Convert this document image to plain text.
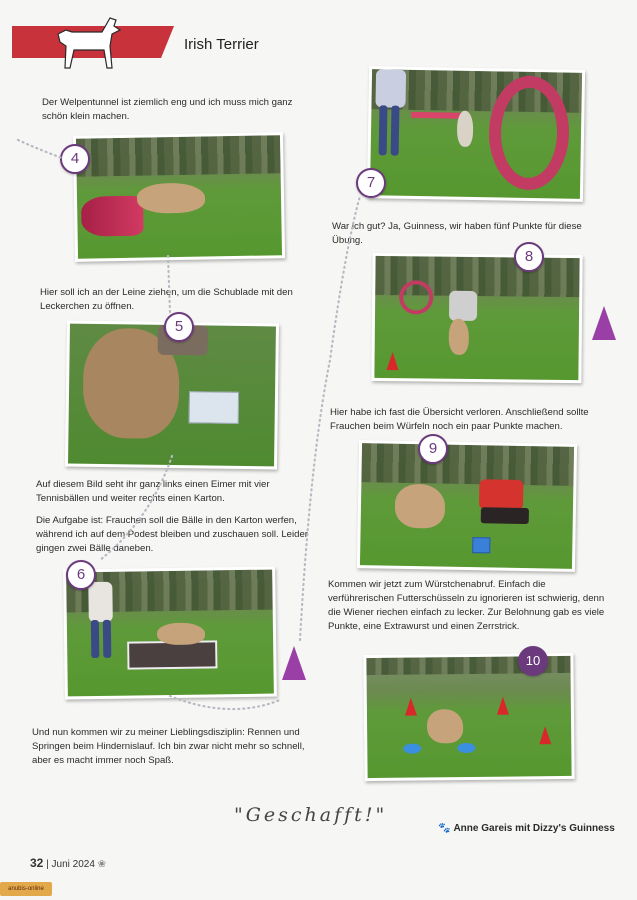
Irish Terrier
Der Welpentunnel ist ziemlich eng und ich muss mich ganz schön klein machen.
4
Hier soll ich an der Leine ziehen, um die Schublade mit den Leckerchen zu öffnen.
5
Auf diesem Bild seht ihr ganz links einen Eimer mit vier Tennisbällen und weiter rechts einen Karton.
Die Aufgabe ist: Frauchen soll die Bälle in den Karton werfen, während ich auf dem Podest bleiben und zuschauen soll. Leider gingen zwei Bälle daneben.
6
Und nun kommen wir zu meiner Lieblingsdisziplin: Rennen und Springen beim Hindernislauf. Ich bin zwar nicht mehr so schnell, aber es macht immer noch Spaß.
7
War ich gut? Ja, Guinness, wir haben fünf Punkte für diese Übung.
8
Hier habe ich fast die Übersicht verloren. Anschließend sollte Frauchen beim Würfeln noch ein paar Punkte machen.
9
Kommen wir jetzt zum Würstchenabruf. Einfach die verführerischen Futterschüsseln zu ignorieren ist schwierig, denn die Wiener riechen einfach zu lecker. Zur Belohnung gab es viele Punkte, eine Extrawurst und einen Zerrstrick.
10
"Geschafft!"
🐾 Anne Gareis mit Dizzy's Guinness
32 | Juni 2024 ❀
anubis-online
